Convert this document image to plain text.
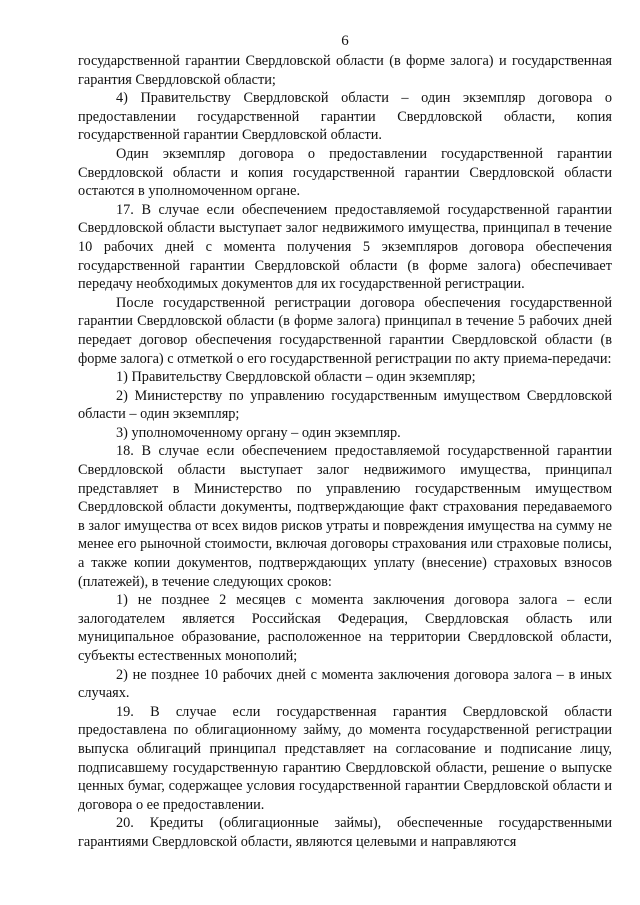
6

государственной гарантии Свердловской области (в форме залога) и государственная гарантия Свердловской области;

4) Правительству Свердловской области – один экземпляр договора о предоставлении государственной гарантии Свердловской области, копия государственной гарантии Свердловской области.

Один экземпляр договора о предоставлении государственной гарантии Свердловской области и копия государственной гарантии Свердловской области остаются в уполномоченном органе.

17. В случае если обеспечением предоставляемой государственной гарантии Свердловской области выступает залог недвижимого имущества, принципал в течение 10 рабочих дней с момента получения 5 экземпляров договора обеспечения государственной гарантии Свердловской области (в форме залога) обеспечивает передачу необходимых документов для их государственной регистрации.

После государственной регистрации договора обеспечения государственной гарантии Свердловской области (в форме залога) принципал в течение 5 рабочих дней передает договор обеспечения государственной гарантии Свердловской области (в форме залога) с отметкой о его государственной регистрации по акту приема-передачи:

1) Правительству Свердловской области – один экземпляр;

2) Министерству по управлению государственным имуществом Свердловской области – один экземпляр;

3) уполномоченному органу – один экземпляр.

18. В случае если обеспечением предоставляемой государственной гарантии Свердловской области выступает залог недвижимого имущества, принципал представляет в Министерство по управлению государственным имуществом Свердловской области документы, подтверждающие факт страхования передаваемого в залог имущества от всех видов рисков утраты и повреждения имущества на сумму не менее его рыночной стоимости, включая договоры страхования или страховые полисы, а также копии документов, подтверждающих уплату (внесение) страховых взносов (платежей), в течение следующих сроков:

1) не позднее 2 месяцев с момента заключения договора залога – если залогодателем является Российская Федерация, Свердловская область или муниципальное образование, расположенное на территории Свердловской области, субъекты естественных монополий;

2) не позднее 10 рабочих дней с момента заключения договора залога – в иных случаях.

19. В случае если государственная гарантия Свердловской области предоставлена по облигационному займу, до момента государственной регистрации выпуска облигаций принципал представляет на согласование и подписание лицу, подписавшему государственную гарантию Свердловской области, решение о выпуске ценных бумаг, содержащее условия государственной гарантии Свердловской области и договора о ее предоставлении.

20. Кредиты (облигационные займы), обеспеченные государственными гарантиями Свердловской области, являются целевыми и направляются
